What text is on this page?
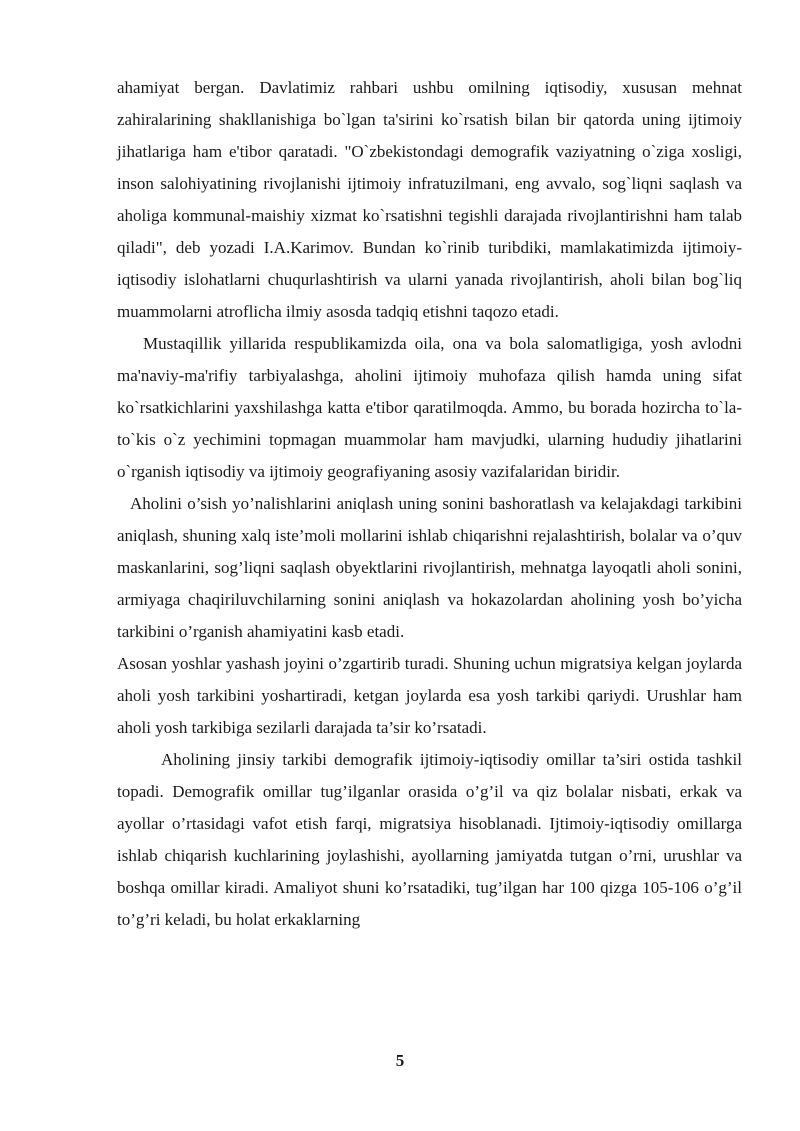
ahamiyat bergan. Davlatimiz rahbari ushbu omilning iqtisodiy, xususan mehnat zahiralarining shakllanishiga bo`lgan ta'sirini ko`rsatish bilan bir qatorda uning ijtimoiy jihatlariga ham e'tibor qaratadi. "O`zbekistondagi demografik vaziyatning o`ziga xosligi, inson salohiyatining rivojlanishi ijtimoiy infratuzilmani, eng avvalo, sog`liqni saqlash va aholiga kommunal-maishiy xizmat ko`rsatishni tegishli darajada rivojlantirishni ham talab qiladi", deb yozadi I.A.Karimov. Bundan ko`rinib turibdiki, mamlakatimizda ijtimoiy-iqtisodiy islohatlarni chuqurlashtirish va ularni yanada rivojlantirish, aholi bilan bog`liq muammolarni atroflicha ilmiy asosda tadqiq etishni taqozo etadi.

Mustaqillik yillarida respublikamizda oila, ona va bola salomatligiga, yosh avlodni ma'naviy-ma'rifiy tarbiyalashga, aholini ijtimoiy muhofaza qilish hamda uning sifat ko`rsatkichlarini yaxshilashga katta e'tibor qaratilmoqda. Ammo, bu borada hozircha to`la-to`kis o`z yechimini topmagan muammolar ham mavjudki, ularning hududiy jihatlarini o`rganish iqtisodiy va ijtimoiy geografiyaning asosiy vazifalaridan biridir.

Aholini o’sish yo’nalishlarini aniqlash uning sonini bashoratlash va kelajakdagi tarkibini aniqlash, shuning xalq iste’moli mollarini ishlab chiqarishni rejalashtirish, bolalar va o’quv maskanlarini, sog’liqni saqlash obyektlarini rivojlantirish, mehnatga layoqatli aholi sonini, armiyaga chaqiriluvchilarning sonini aniqlash va hokazolardan aholining yosh bo’yicha tarkibini o’rganish ahamiyatini kasb etadi.

Asosan yoshlar yashash joyini o’zgartirib turadi. Shuning uchun migratsiya kelgan joylarda aholi yosh tarkibini yoshartiradi, ketgan joylarda esa yosh tarkibi qariydi. Urushlar ham aholi yosh tarkibiga sezilarli darajada ta’sir ko’rsatadi.

Aholining jinsiy tarkibi demografik ijtimoiy-iqtisodiy omillar ta’siri ostida tashkil topadi. Demografik omillar tug’ilganlar orasida o’g’il va qiz bolalar nisbati, erkak va ayollar o’rtasidagi vafot etish farqi, migratsiya hisoblanadi. Ijtimoiy-iqtisodiy omillarga ishlab chiqarish kuchlarining joylashishi, ayollarning jamiyatda tutgan o’rni, urushlar va boshqa omillar kiradi. Amaliyot shuni ko’rsatadiki, tug’ilgan har 100 qizga 105-106 o’g’il to’g’ri keladi, bu holat erkaklarning

5
